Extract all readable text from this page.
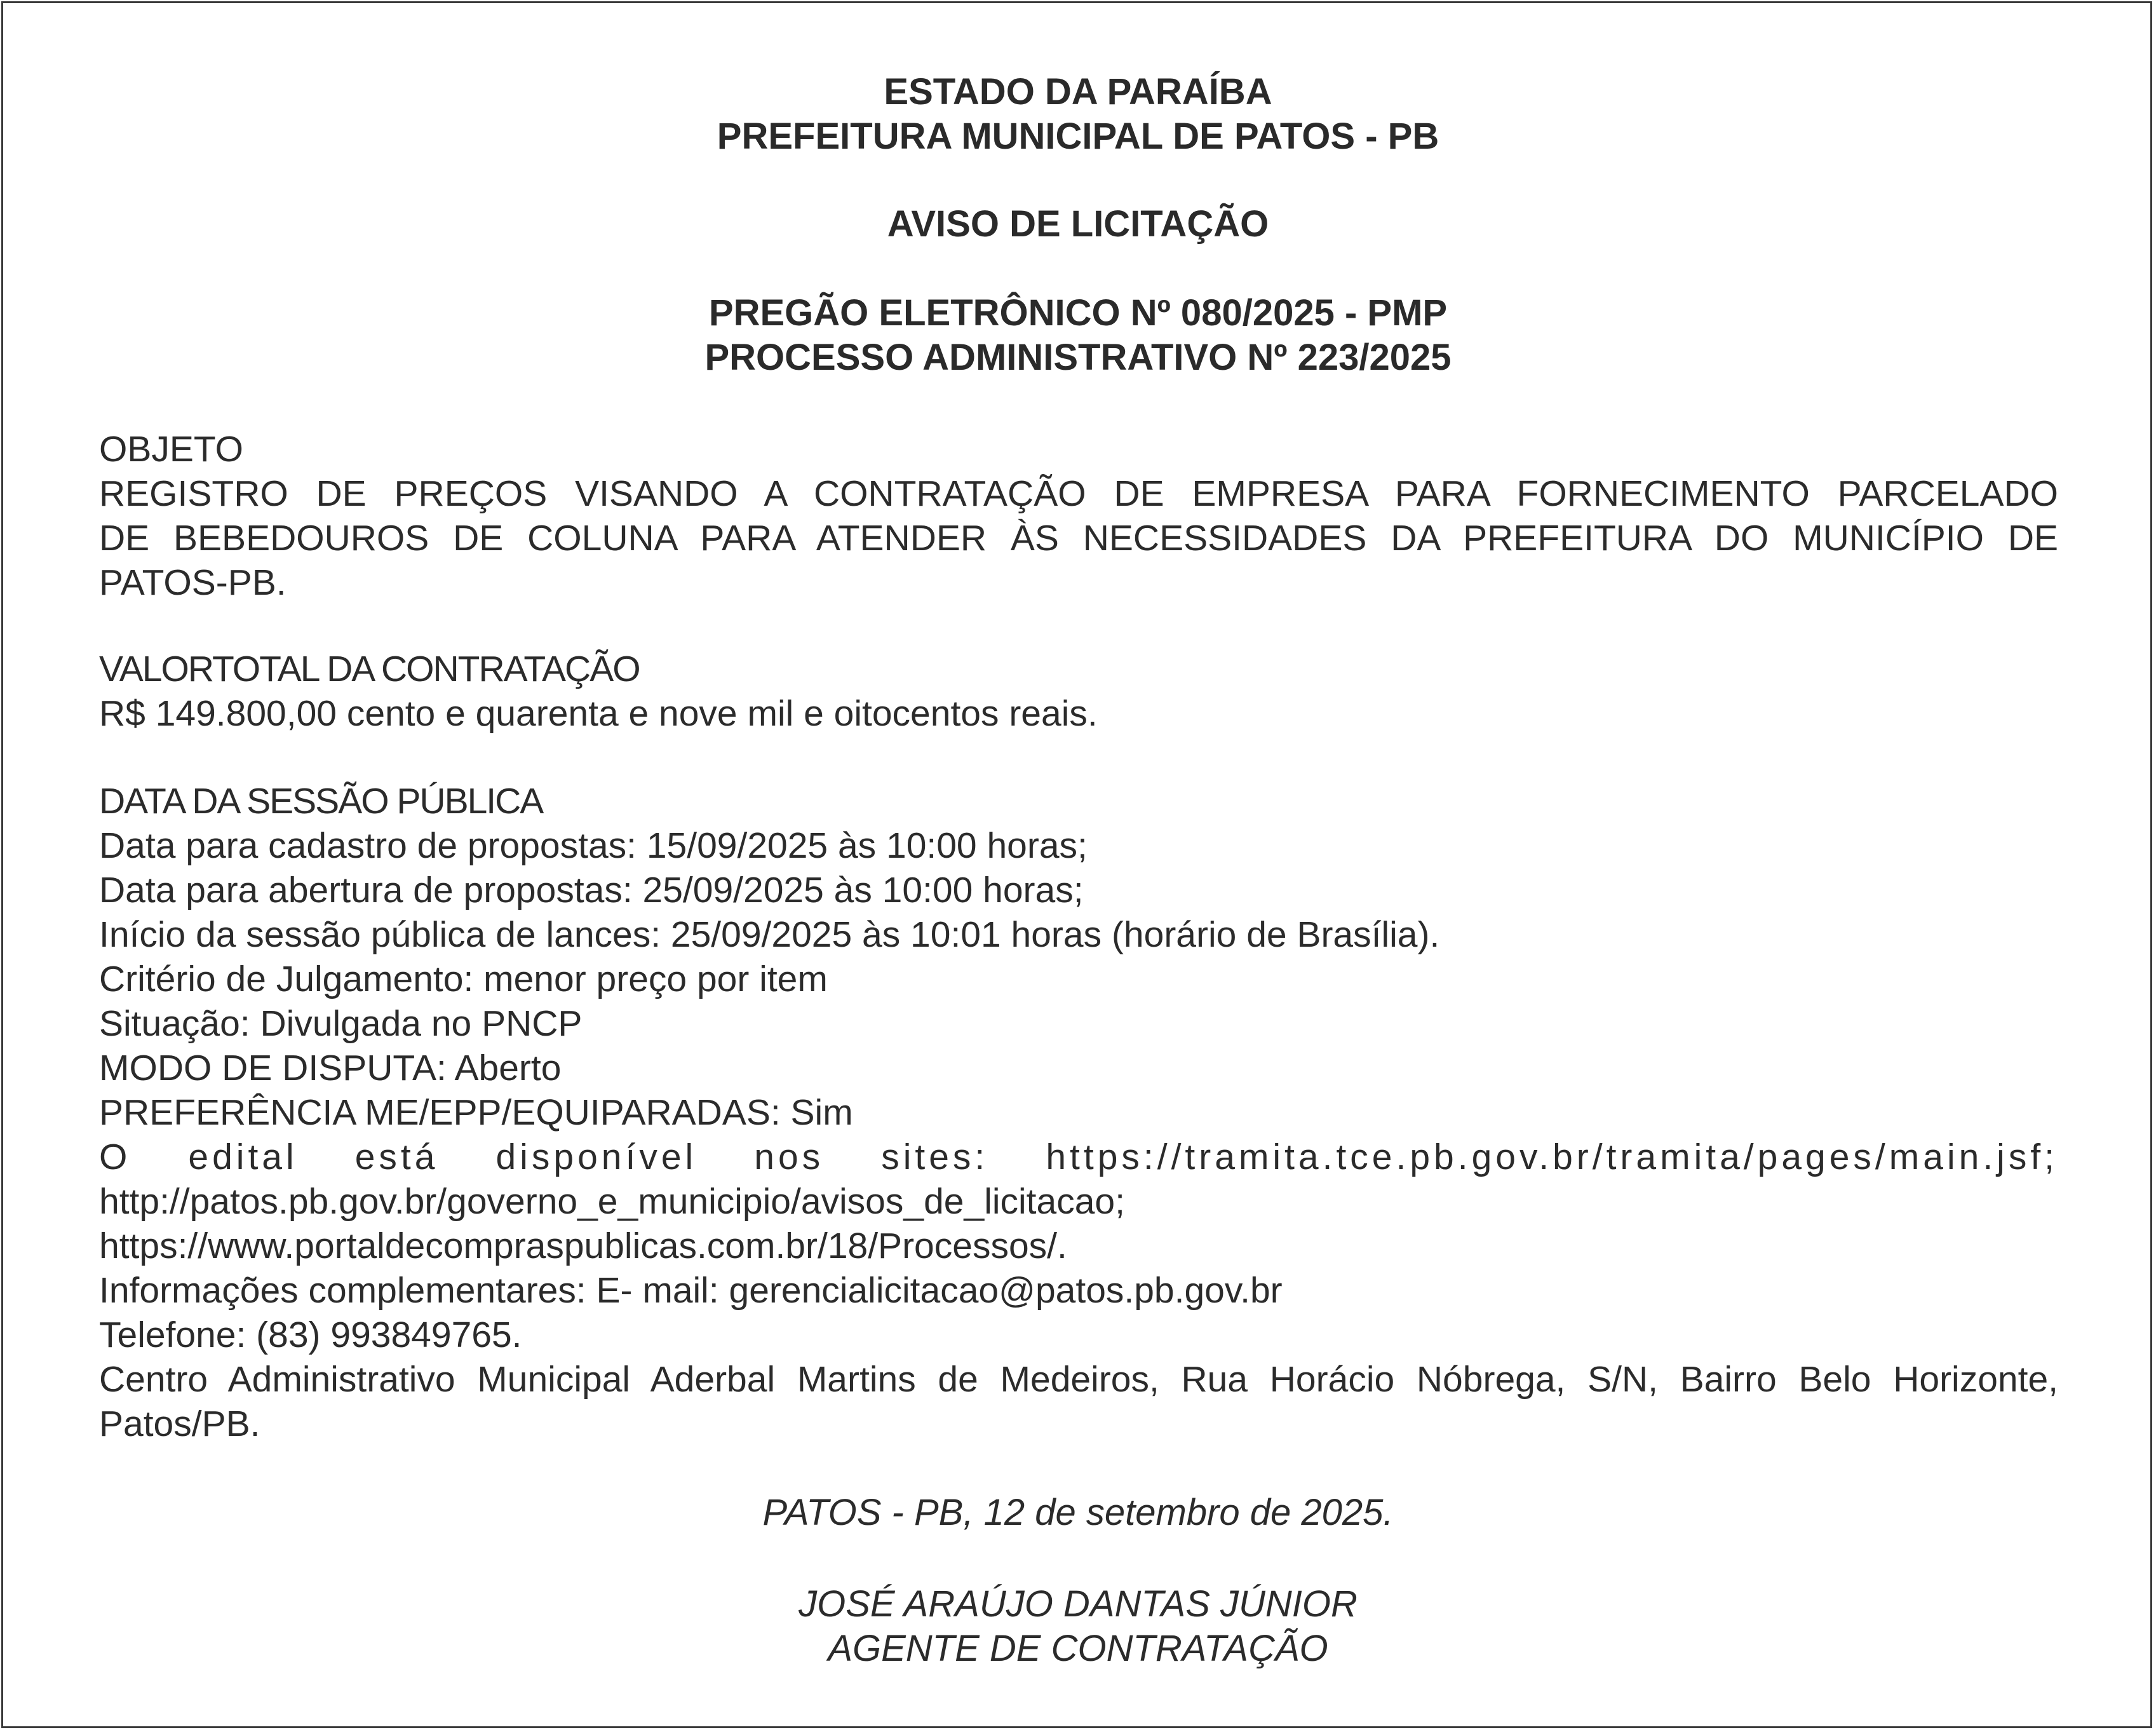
ESTADO DA PARAÍBA
PREFEITURA MUNICIPAL DE PATOS - PB
AVISO DE LICITAÇÃO
PREGÃO ELETRÔNICO Nº 080/2025 - PMP
PROCESSO ADMINISTRATIVO Nº 223/2025
OBJETO
REGISTRO DE PREÇOS VISANDO A CONTRATAÇÃO DE EMPRESA PARA FORNECIMENTO PARCELADO
DE BEBEDOUROS DE COLUNA PARA ATENDER ÀS NECESSIDADES DA PREFEITURA DO MUNICÍPIO DE
PATOS-PB.
VALORTOTAL DA CONTRATAÇÃO
R$ 149.800,00 cento e quarenta e nove mil e oitocentos reais.
DATA DA SESSÃO PÚBLICA
Data para cadastro de propostas: 15/09/2025 às 10:00 horas;
Data para abertura de propostas: 25/09/2025 às 10:00 horas;
Início da sessão pública de lances: 25/09/2025 às 10:01 horas (horário de Brasília).
Critério de Julgamento: menor preço por item
Situação: Divulgada no PNCP
MODO DE DISPUTA: Aberto
PREFERÊNCIA ME/EPP/EQUIPARADAS: Sim
O edital está disponível nos sites: https://tramita.tce.pb.gov.br/tramita/pages/main.jsf;
http://patos.pb.gov.br/governo_e_municipio/avisos_de_licitacao;
https://www.portaldecompraspublicas.com.br/18/Processos/.
Informações complementares: E- mail: gerencialicitacao@patos.pb.gov.br
Telefone: (83) 993849765.
Centro Administrativo Municipal Aderbal Martins de Medeiros, Rua Horácio Nóbrega, S/N, Bairro Belo Horizonte,
Patos/PB.
PATOS - PB, 12 de setembro de 2025.
JOSÉ ARAÚJO DANTAS JÚNIOR
AGENTE DE CONTRATAÇÃO
